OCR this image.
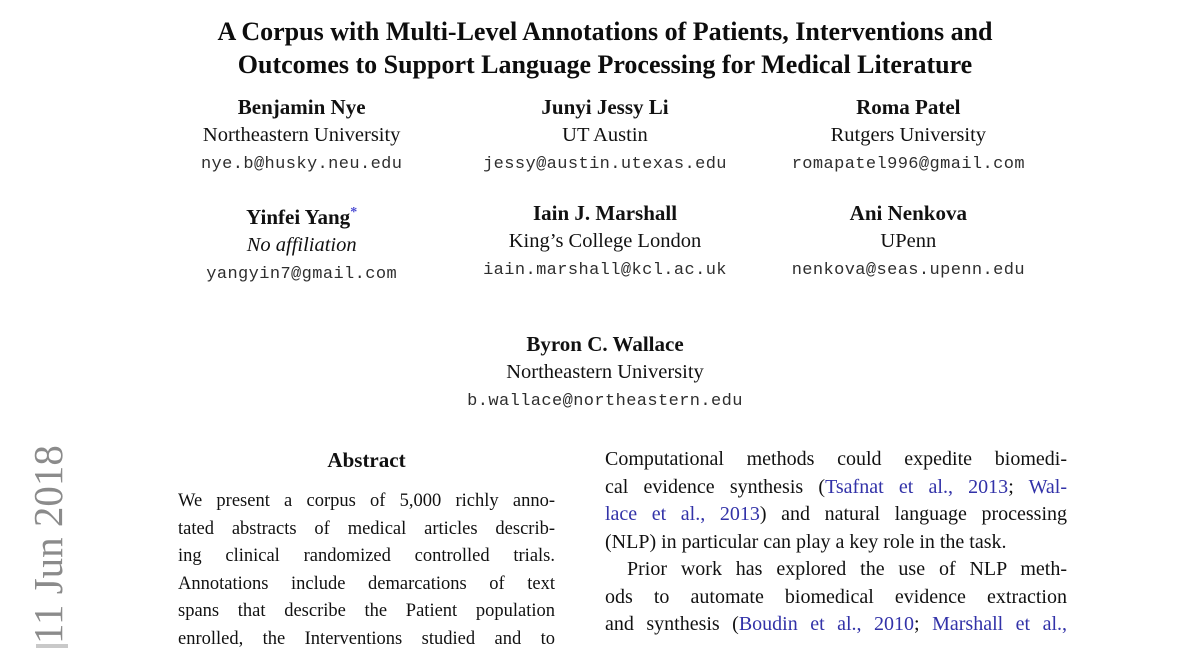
11 Jun 2018
A Corpus with Multi-Level Annotations of Patients, Interventions and
Outcomes to Support Language Processing for Medical Literature
Benjamin Nye
Northeastern University
nye.b@husky.neu.edu
Junyi Jessy Li
UT Austin
jessy@austin.utexas.edu
Roma Patel
Rutgers University
romapatel996@gmail.com
Yinfei Yang*
No affiliation
yangyin7@gmail.com
Iain J. Marshall
King’s College London
iain.marshall@kcl.ac.uk
Ani Nenkova
UPenn
nenkova@seas.upenn.edu
Byron C. Wallace
Northeastern University
b.wallace@northeastern.edu
Abstract
We present a corpus of 5,000 richly anno-
tated abstracts of medical articles describ-
ing clinical randomized controlled trials.
Annotations include demarcations of text
spans that describe the Patient population
enrolled, the Interventions studied and to
Computational methods could expedite biomedi-
cal evidence synthesis (Tsafnat et al., 2013; Wal-
lace et al., 2013) and natural language processing
(NLP) in particular can play a key role in the task.
Prior work has explored the use of NLP meth-
ods to automate biomedical evidence extraction
and synthesis (Boudin et al., 2010; Marshall et al.,
